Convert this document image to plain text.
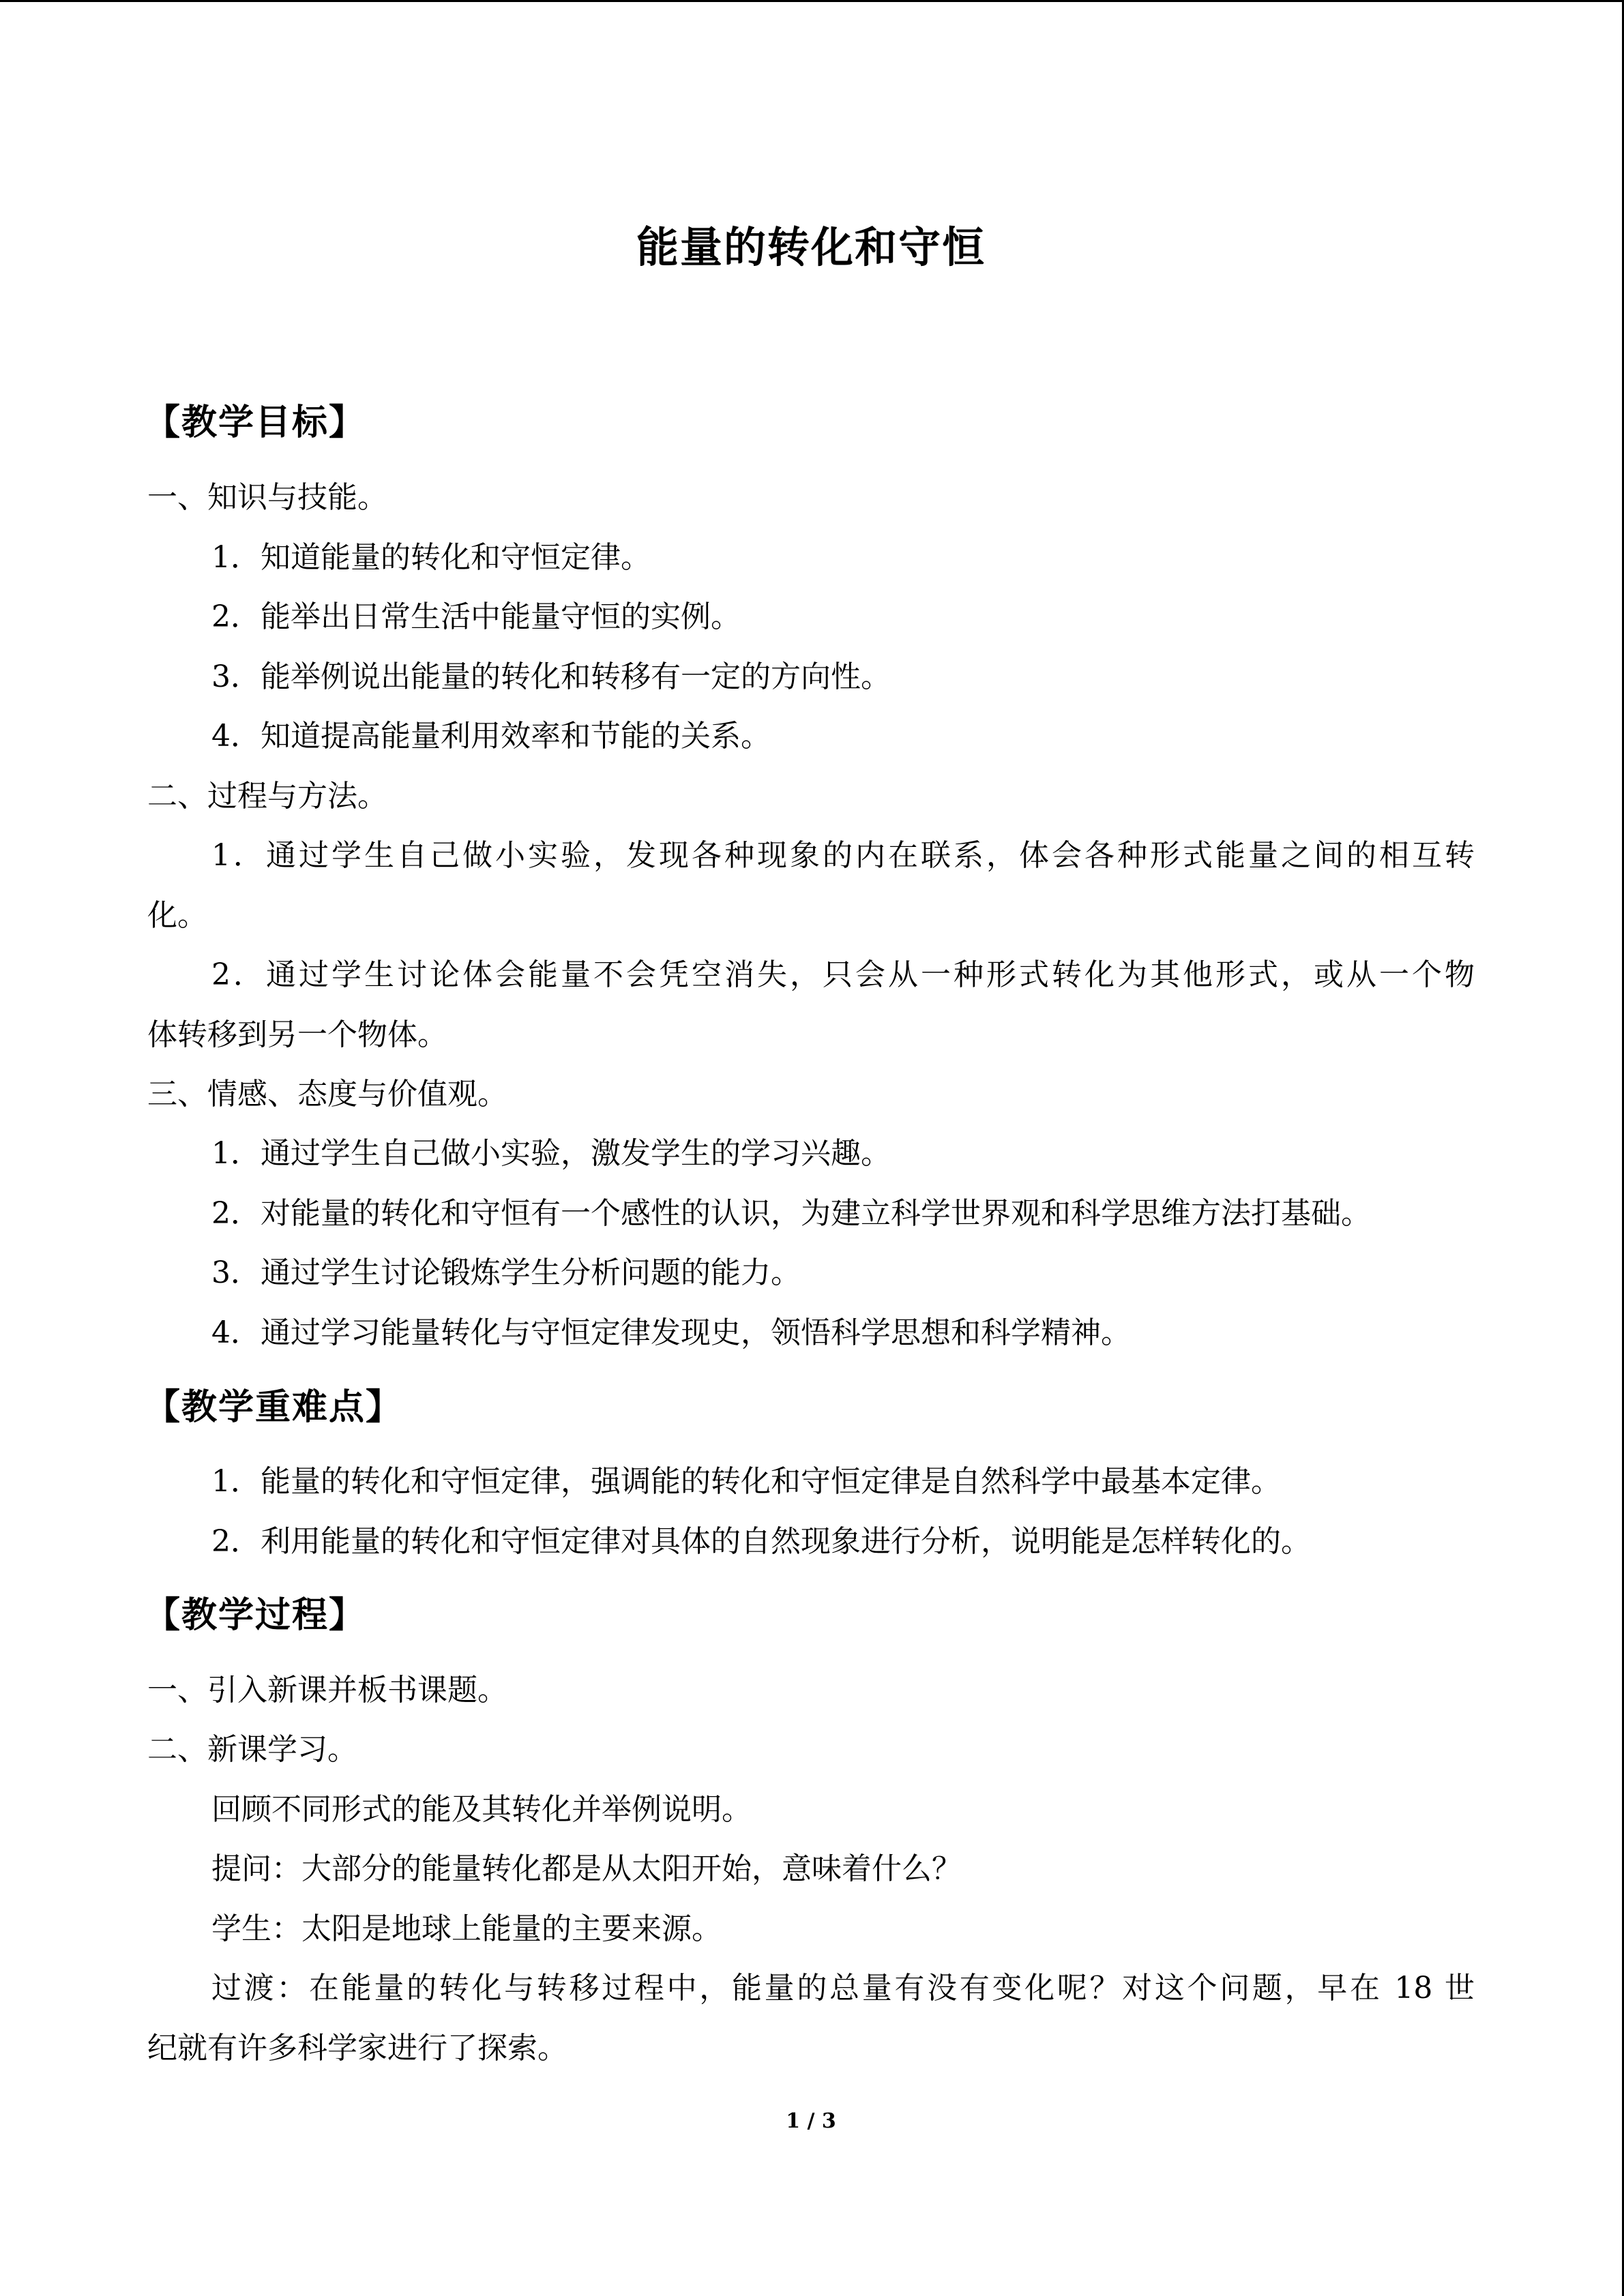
能量的转化和守恒
【教学目标】
一、知识与技能。
1．知道能量的转化和守恒定律。
2．能举出日常生活中能量守恒的实例。
3．能举例说出能量的转化和转移有一定的方向性。
4．知道提高能量利用效率和节能的关系。
二、过程与方法。
1．通过学生自己做小实验，发现各种现象的内在联系，体会各种形式能量之间的相互转
化。
2．通过学生讨论体会能量不会凭空消失，只会从一种形式转化为其他形式，或从一个物
体转移到另一个物体。
三、情感、态度与价值观。
1．通过学生自己做小实验，激发学生的学习兴趣。
2．对能量的转化和守恒有一个感性的认识，为建立科学世界观和科学思维方法打基础。
3．通过学生讨论锻炼学生分析问题的能力。
4．通过学习能量转化与守恒定律发现史，领悟科学思想和科学精神。
【教学重难点】
1．能量的转化和守恒定律，强调能的转化和守恒定律是自然科学中最基本定律。
2．利用能量的转化和守恒定律对具体的自然现象进行分析，说明能是怎样转化的。
【教学过程】
一、引入新课并板书课题。
二、新课学习。
回顾不同形式的能及其转化并举例说明。
提问：大部分的能量转化都是从太阳开始，意味着什么？
学生：太阳是地球上能量的主要来源。
过渡：在能量的转化与转移过程中，能量的总量有没有变化呢？对这个问题，早在 18 世
纪就有许多科学家进行了探索。
1 / 3
